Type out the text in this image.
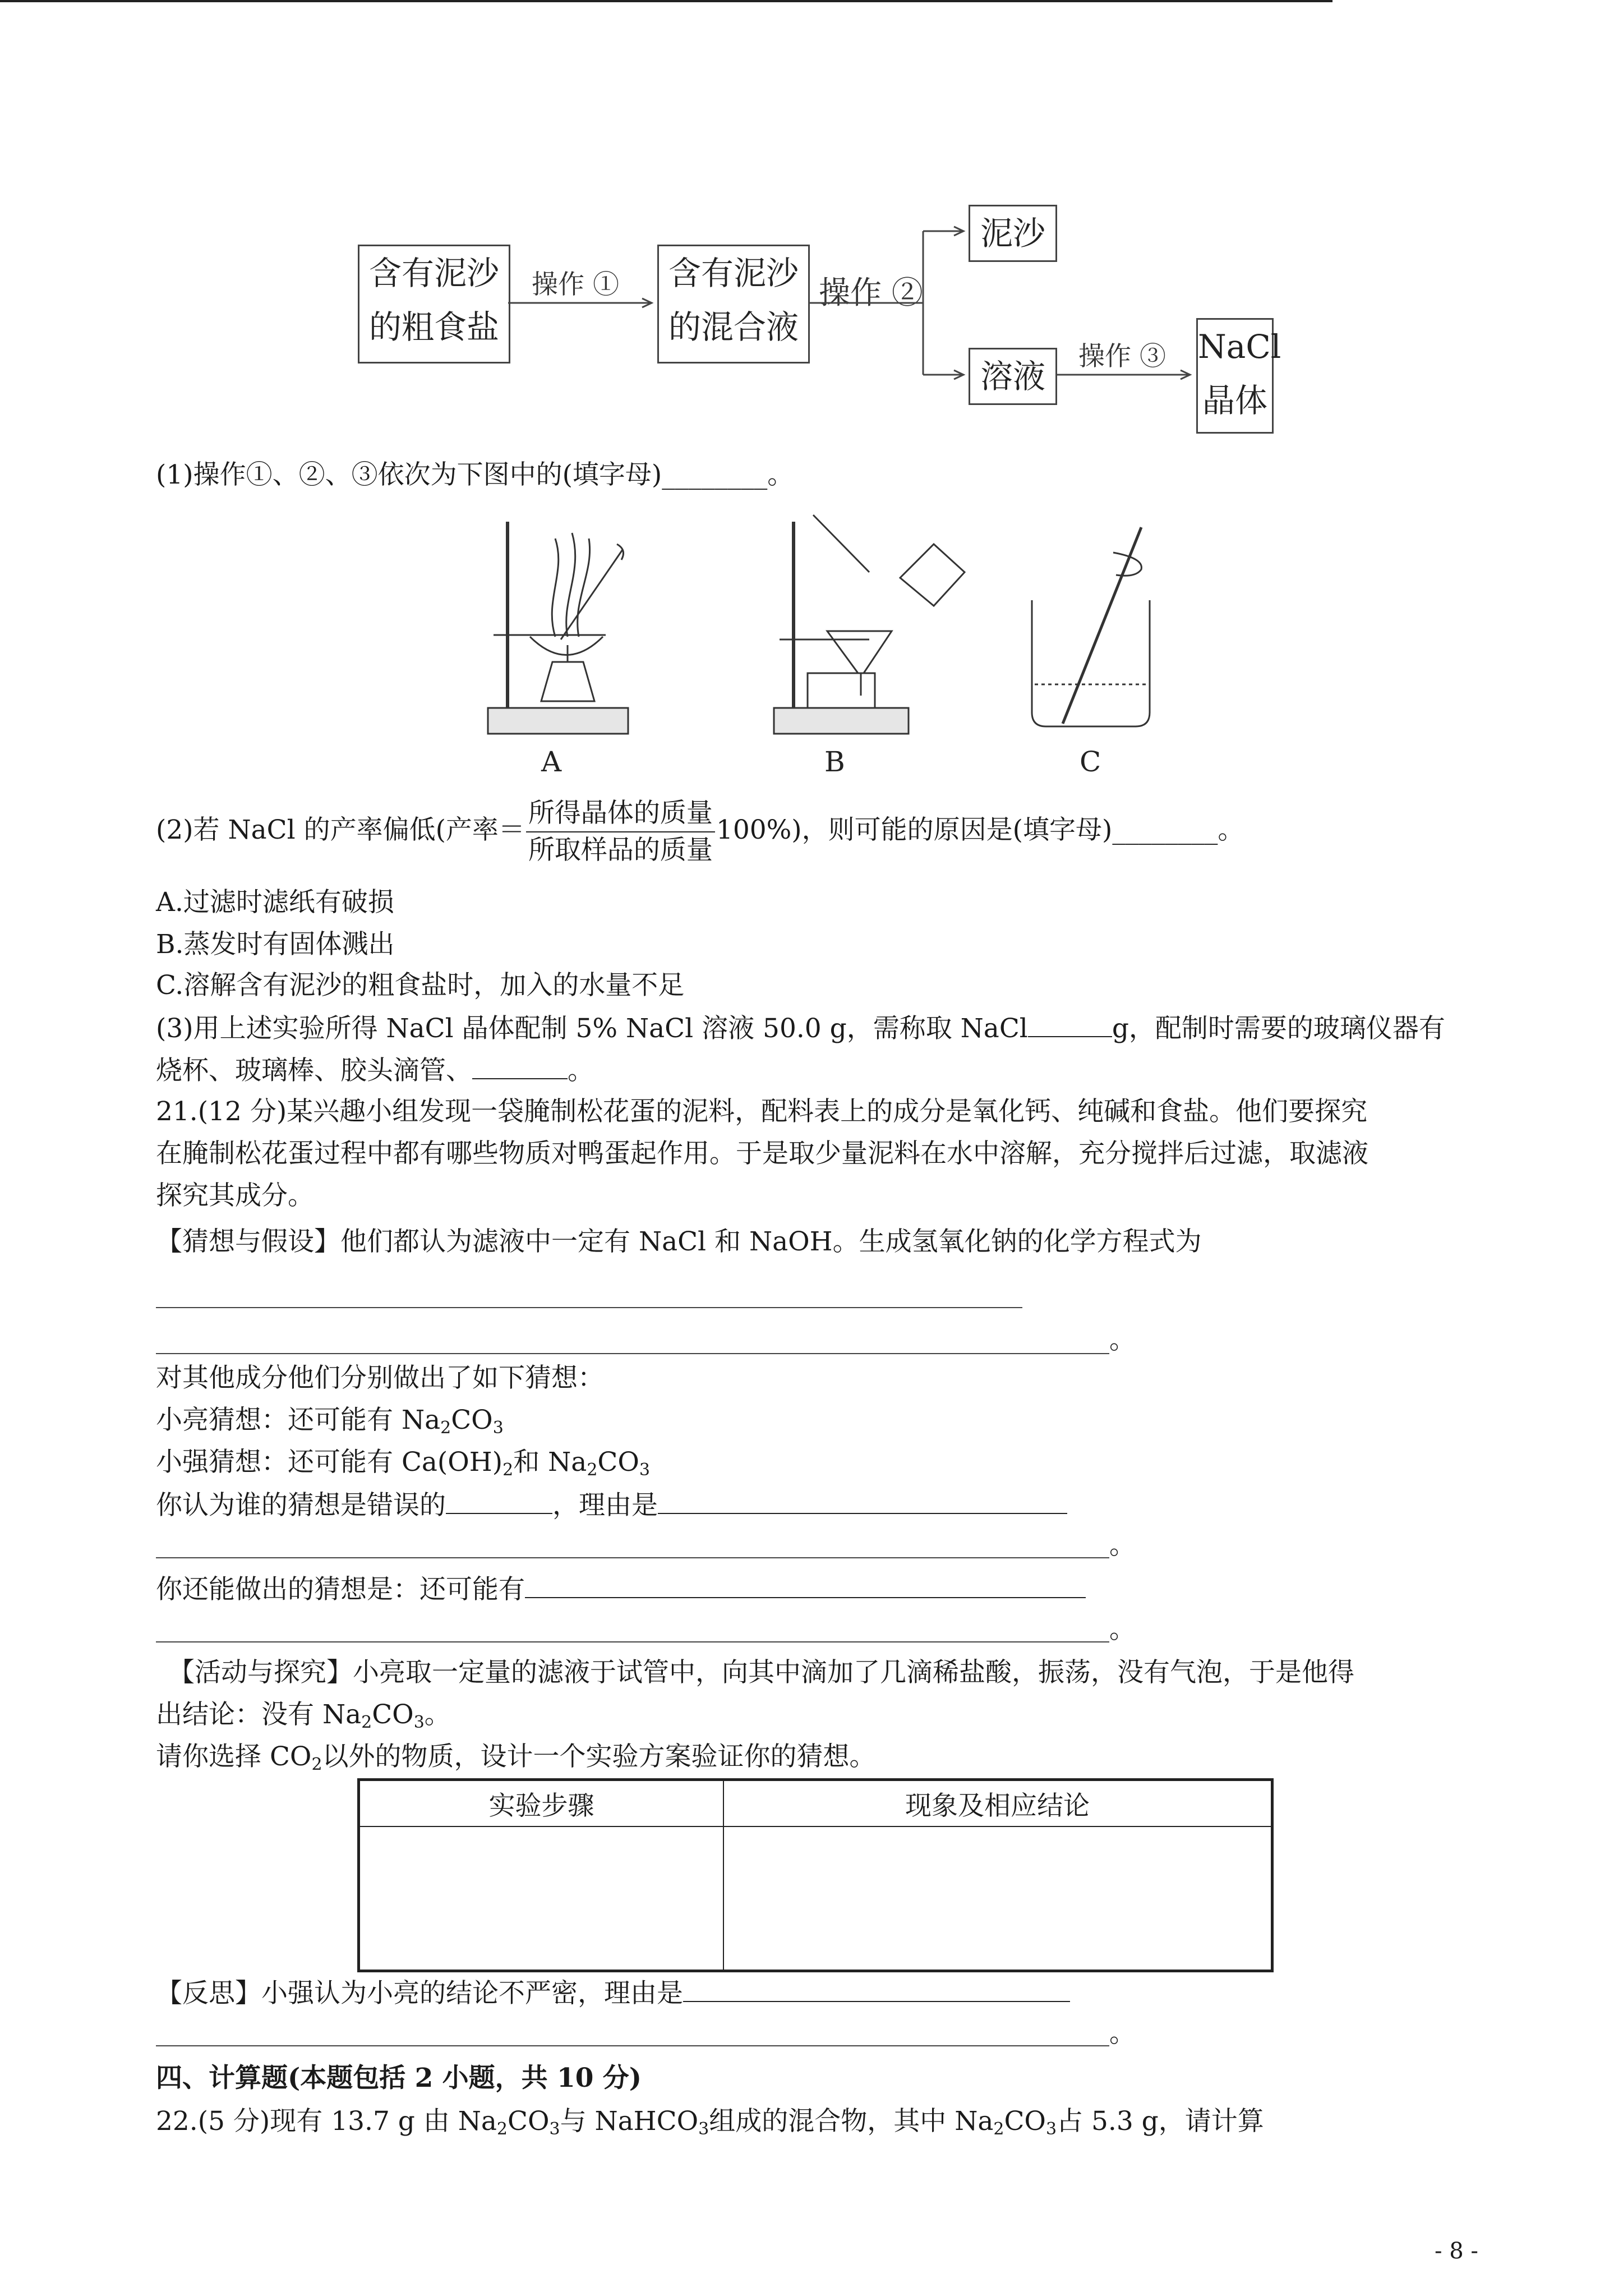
含有泥沙
的粗食盐
含有泥沙
的混合液
泥沙
溶液
NaCl
晶体
操作 ①	操作 ②
操作 ③
(1)操作①、②、③依次为下图中的(填字母)________。
A	B	C
(2)若 NaCl 的产率偏低(产率＝ $\frac{\text{所得晶体的质量}}{\text{所取样品的质量}} 100\%$)，则可能的原因是(填字母)________。
A.过滤时滤纸有破损
B.蒸发时有固体溅出
C.溶解含有泥沙的粗食盐时，加入的水量不足
(3)用上述实验所得 NaCl 晶体配制 5% NaCl 溶液 50.0 g，需称取 NaCl	g，配制时需要的玻璃仪器有
烧杯、玻璃棒、胶头滴管、	。
21.(12 分)某兴趣小组发现一袋腌制松花蛋的泥料，配料表上的成分是氧化钙、纯碱和食盐。他们要探究
在腌制松花蛋过程中都有哪些物质对鸭蛋起作用。于是取少量泥料在水中溶解，充分搅拌后过滤，取滤液
探究其成分。
【猜想与假设】他们都认为滤液中一定有 NaCl 和 NaOH。生成氢氧化钠的化学方程式为
。
对其他成分他们分别做出了如下猜想：
小亮猜想：还可能有 $Na_2CO_3$
小强猜想：还可能有 $Ca(OH)_2$和 $Na_2CO_3$
你认为谁的猜想是错误的	，理由是
。
你还能做出的猜想是：还可能有
。
【活动与探究】小亮取一定量的滤液于试管中，向其中滴加了几滴稀盐酸，振荡，没有气泡，于是他得
出结论：没有 $Na_2CO_3$。
请你选择 $CO_2$以外的物质，设计一个实验方案验证你的猜想。
实验步骤	现象及相应结论

【反思】小强认为小亮的结论不严密，理由是
。
四、计算题(本题包括 2 小题，共 10 分)
22.(5 分)现有 13.7 g 由 $Na_2CO_3$与 NaHCO$_3$组成的混合物，其中 $Na_2CO_3$占 5.3 g，请计算
- 8 -
